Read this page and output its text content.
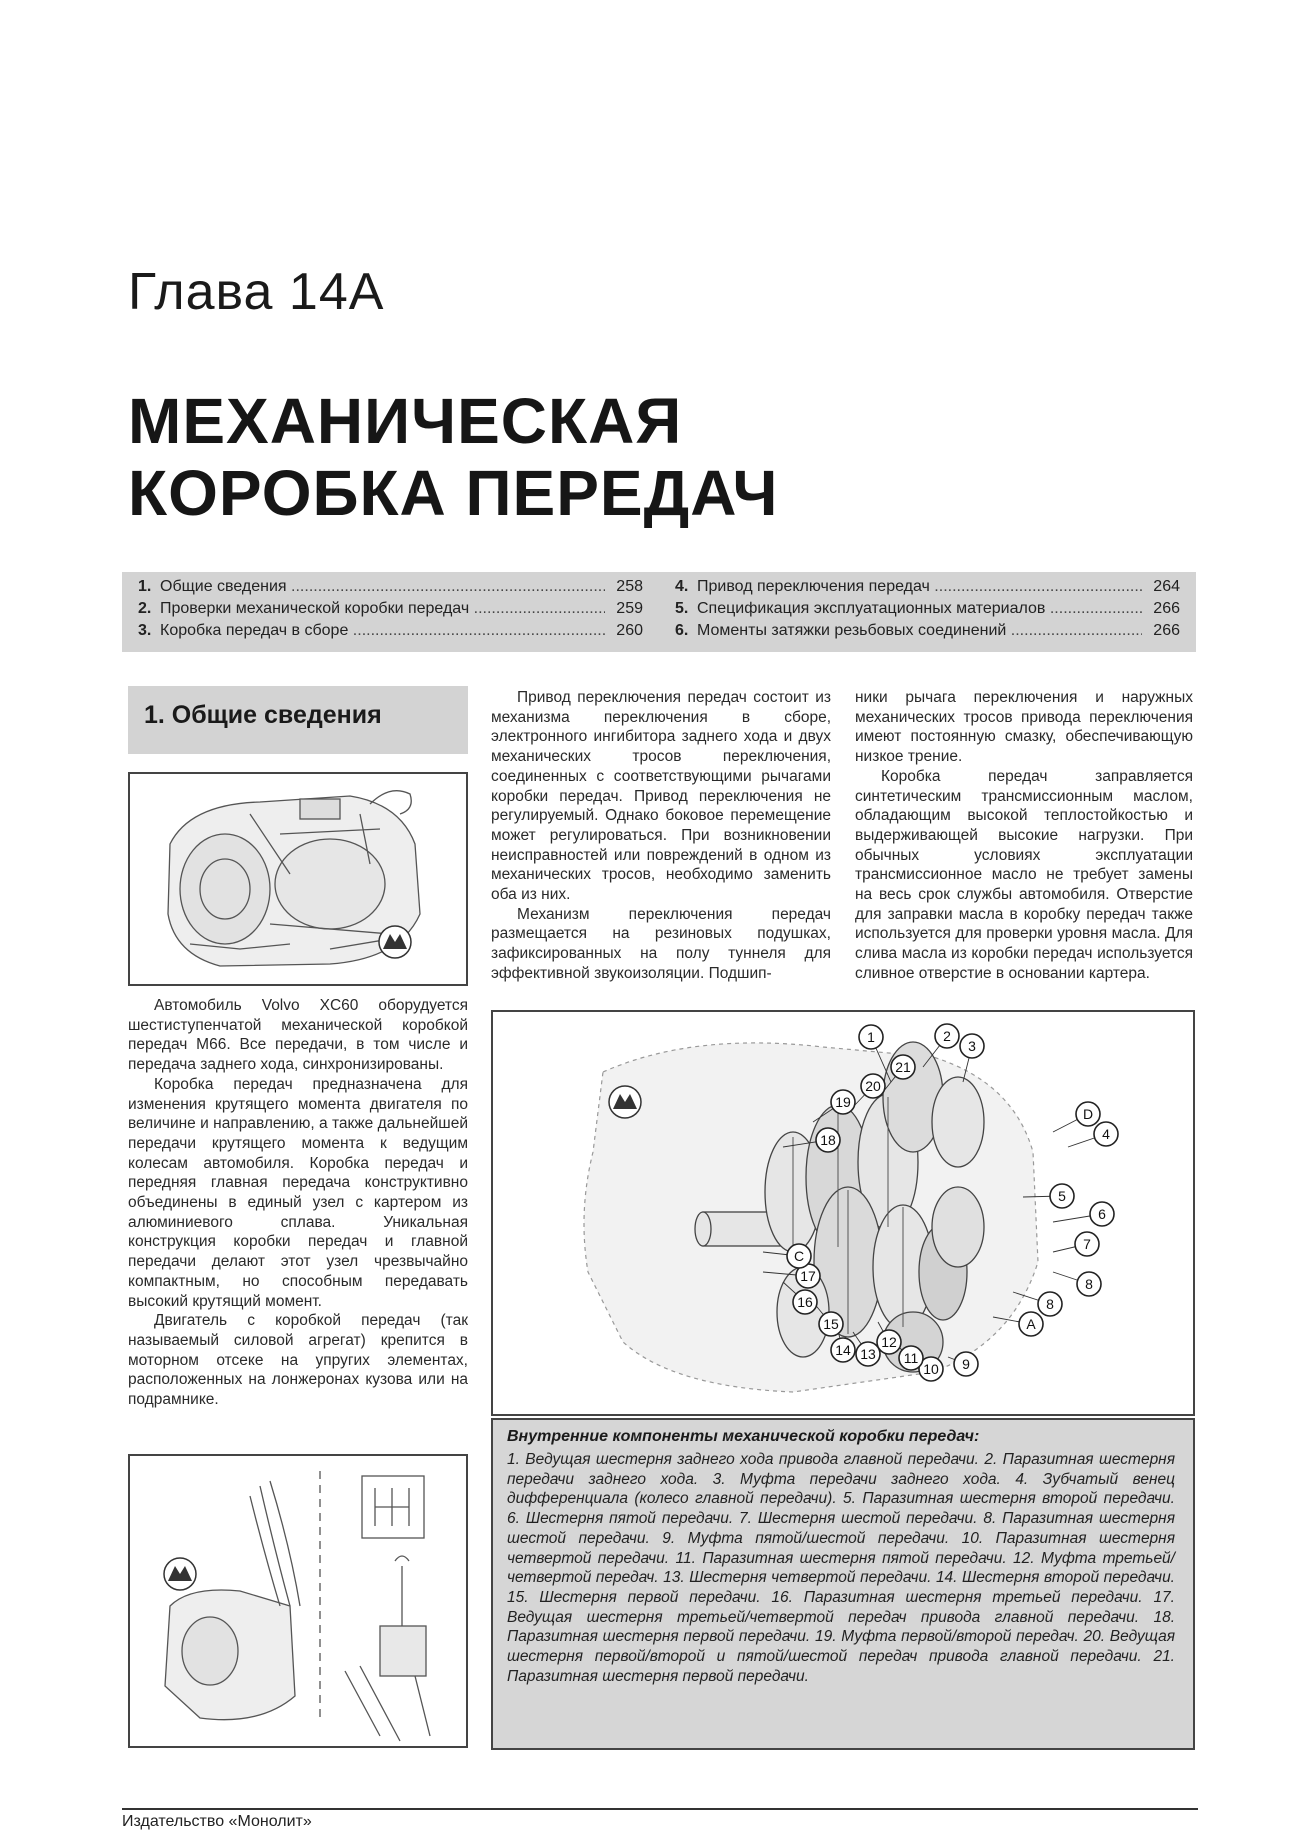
Глава 14А
МЕХАНИЧЕСКАЯ
КОРОБКА ПЕРЕДАЧ
1. Общие сведения .....	258
2. Проверки механической коробки передач .....	259
3. Коробка передач в сборе .....	260
4. Привод переключения передач .....	264
5. Спецификация эксплуатационных материалов .....	266
6. Моменты затяжки резьбовых соединений .....	266
1. Общие сведения

Автомобиль Volvo XC60 оборудуется шестиступенчатой механической коробкой передач M66. Все передачи, в том числе и передача заднего хода, синхронизированы.

Коробка передач предназначена для изменения крутящего момента двигателя по величине и направлению, а также дальнейшей передачи крутящего момента к ведущим колесам автомобиля. Коробка передач и передняя главная передача конструктивно объединены в единый узел с картером из алюминиевого сплава. Уникальная конструкция коробки передач и главной передачи делают этот узел чрезвычайно компактным, но способным передавать высокий крутящий момент.

Двигатель с коробкой передач (так называемый силовой агрегат) крепится в моторном отсеке на упругих элементах, расположенных на лонжеронах кузова или на подрамнике.

Привод переключения передач состоит из механизма переключения в сборе, электронного ингибитора заднего хода и двух механических тросов переключения, соединенных с соответствующими рычагами коробки передач. Привод переключения не регулируемый. Однако боковое перемещение может регулироваться. При возникновении неисправностей или повреждений в одном из механических тросов, необходимо заменить оба из них.

Механизм переключения передач размещается на резиновых подушках, зафиксированных на полу туннеля для эффективной звукоизоляции. Подшип-

ники рычага переключения и наружных механических тросов привода переключения имеют постоянную смазку, обеспечивающую низкое трение.

Коробка передач заправляется синтетическим трансмиссионным маслом, обладающим высокой теплостойкостью и выдерживающей высокие нагрузки. При обычных условиях эксплуатации трансмиссионное масло не требует замены на весь срок службы автомобиля. Отверстие для заправки масла в коробку передач также используется для проверки уровня масла. Для слива масла из коробки передач используется сливное отверстие в основании картера.

1	2
3
D
4
5
6
7
8
8
A
9
10
11
12
13
14
15
16
17
C
18
19
20
21
Внутренние компоненты механической коробки передач:
1. Ведущая шестерня заднего хода привода главной передачи. 2. Паразитная шестерня передачи заднего хода. 3. Муфта передачи заднего хода. 4. Зубчатый венец дифференциала (колесо главной передачи). 5. Паразитная шестерня второй передачи. 6. Шестерня пятой передачи. 7. Шестерня шестой передачи. 8. Паразитная шестерня шестой передачи. 9. Муфта пятой/шестой передачи. 10. Паразитная шестерня четвертой передачи. 11. Паразитная шестерня пятой передачи. 12. Муфта третьей/четвертой передач. 13. Шестерня четвертой передачи. 14. Шестерня второй передачи. 15. Шестерня первой передачи. 16. Паразитная шестерня третьей передачи. 17. Ведущая шестерня третьей/четвертой передач привода главной передачи. 18. Паразитная шестерня первой передачи. 19. Муфта первой/второй передач. 20. Ведущая шестерня первой/второй и пятой/шестой передач привода главной передачи. 21. Паразитная шестерня первой передачи.
Издательство «Монолит»
